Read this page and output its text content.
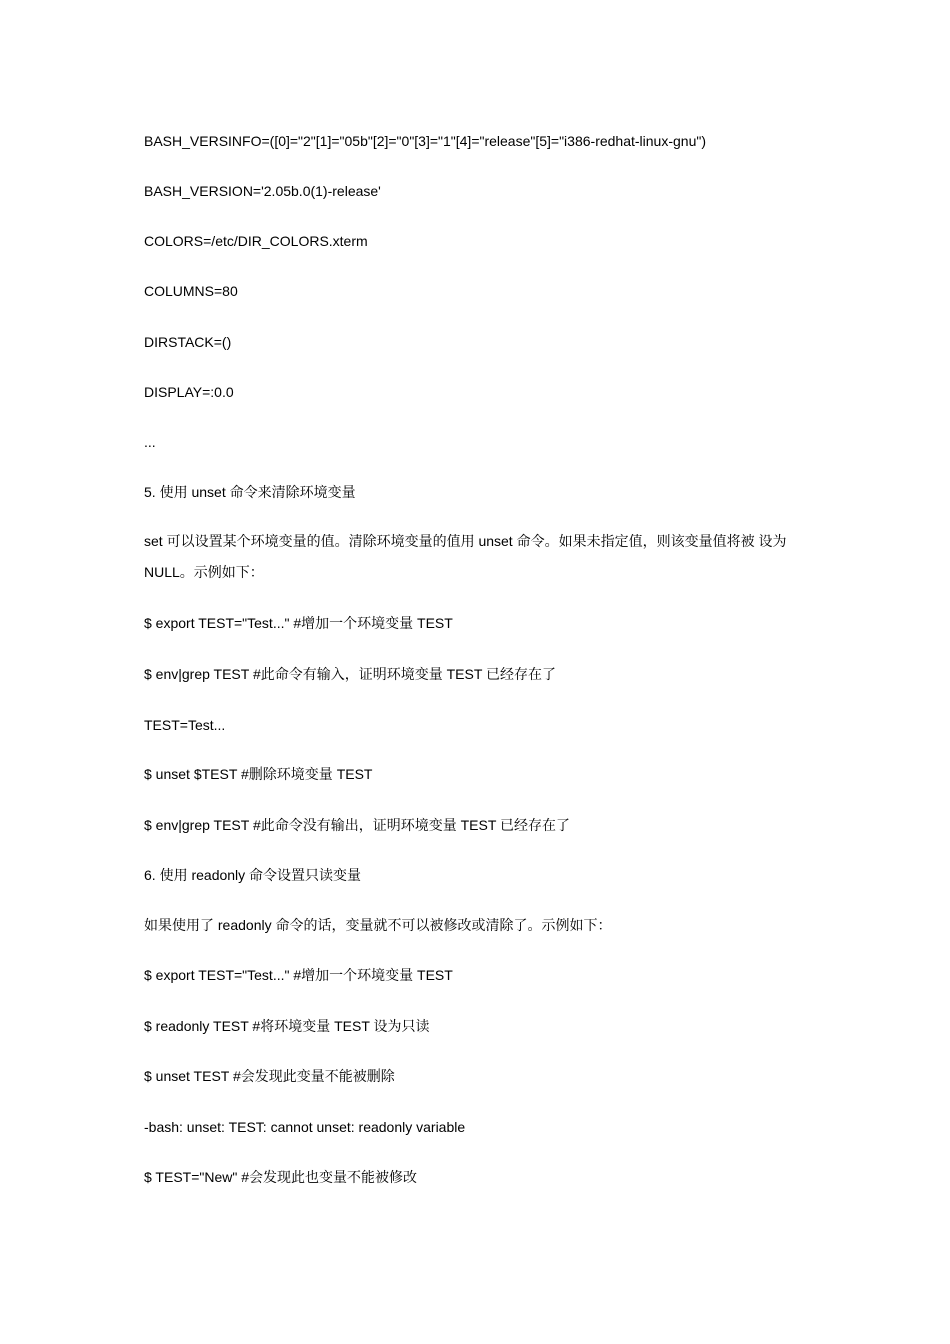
BASH_VERSINFO=([0]="2"[1]="05b"[2]="0"[3]="1"[4]="release"[5]="i386-redhat-linux-gnu")
BASH_VERSION='2.05b.0(1)-release'
COLORS=/etc/DIR_COLORS.xterm
COLUMNS=80
DIRSTACK=()
DISPLAY=:0.0
...
5. 使用 unset 命令来清除环境变量
set 可以设置某个环境变量的值。清除环境变量的值用 unset 命令。如果未指定值，则该变量值将被 设为 NULL。示例如下：
$ export TEST="Test..." #增加一个环境变量 TEST
$ env|grep TEST #此命令有输入，证明环境变量 TEST 已经存在了
TEST=Test...
$ unset $TEST #删除环境变量 TEST
$ env|grep TEST #此命令没有输出，证明环境变量 TEST 已经存在了
6. 使用 readonly 命令设置只读变量
如果使用了 readonly 命令的话，变量就不可以被修改或清除了。示例如下：
$ export TEST="Test..." #增加一个环境变量 TEST
$ readonly TEST #将环境变量 TEST 设为只读
$ unset TEST #会发现此变量不能被删除
-bash: unset: TEST: cannot unset: readonly variable
$ TEST="New" #会发现此也变量不能被修改
